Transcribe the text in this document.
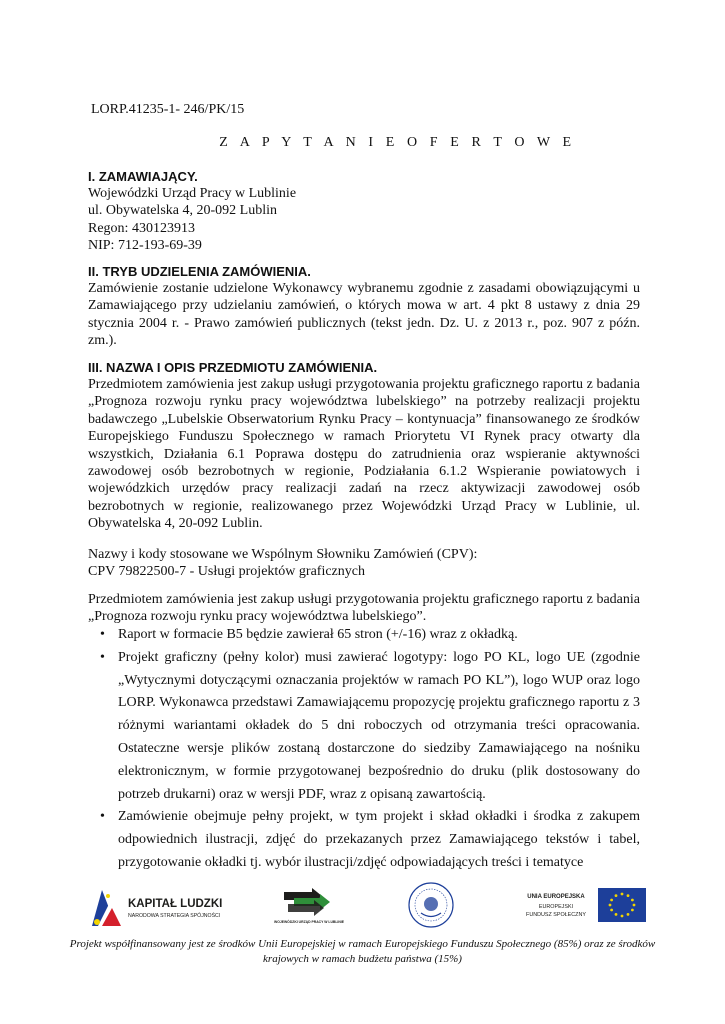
LORP.41235-1- 246/PK/15
Z A P Y T A N I E O F E R T O W E
I. ZAMAWIAJĄCY.
Wojewódzki Urząd Pracy w Lublinie
ul. Obywatelska 4, 20-092 Lublin
Regon: 430123913
NIP: 712-193-69-39
II. TRYB UDZIELENIA ZAMÓWIENIA.
Zamówienie zostanie udzielone Wykonawcy wybranemu zgodnie z zasadami obowiązującymi u Zamawiającego przy udzielaniu zamówień, o których mowa w art. 4 pkt 8 ustawy z dnia 29 stycznia 2004 r. - Prawo zamówień publicznych (tekst jedn. Dz. U. z 2013 r., poz. 907 z późn. zm.).
III. NAZWA I OPIS PRZEDMIOTU ZAMÓWIENIA.
Przedmiotem zamówienia jest zakup usługi przygotowania projektu graficznego raportu z badania „Prognoza rozwoju rynku pracy województwa lubelskiego” na potrzeby realizacji projektu badawczego „Lubelskie Obserwatorium Rynku Pracy – kontynuacja” finansowanego ze środków Europejskiego Funduszu Społecznego w ramach Priorytetu VI Rynek pracy otwarty dla wszystkich, Działania 6.1 Poprawa dostępu do zatrudnienia oraz wspieranie aktywności zawodowej osób bezrobotnych w regionie, Podziałania 6.1.2 Wspieranie powiatowych i wojewódzkich urzędów pracy realizacji zadań na rzecz aktywizacji zawodowej osób bezrobotnych w regionie, realizowanego przez Wojewódzki Urząd Pracy w Lublinie, ul. Obywatelska 4, 20-092 Lublin.
Nazwy i kody stosowane we Wspólnym Słowniku Zamówień (CPV):
CPV 79822500-7 - Usługi projektów graficznych
Przedmiotem zamówienia jest zakup usługi przygotowania projektu graficznego raportu z badania „Prognoza rozwoju rynku pracy województwa lubelskiego”.
• Raport w formacie B5 będzie zawierał 65 stron (+/-16) wraz z okładką.
• Projekt graficzny (pełny kolor) musi zawierać logotypy: logo PO KL, logo UE (zgodnie „Wytycznymi dotyczącymi oznaczania projektów w ramach PO KL”), logo WUP oraz logo LORP. Wykonawca przedstawi Zamawiającemu propozycję projektu graficznego raportu z 3 różnymi wariantami okładek do 5 dni roboczych od otrzymania treści opracowania. Ostateczne wersje plików zostaną dostarczone do siedziby Zamawiającego na nośniku elektronicznym, w formie przygotowanej bezpośrednio do druku (plik dostosowany do potrzeb drukarni) oraz w wersji PDF, wraz z opisaną zawartością.
• Zamówienie obejmuje pełny projekt, w tym projekt i skład okładki i środka z zakupem odpowiednich ilustracji, zdjęć do przekazanych przez Zamawiającego tekstów i tabel, przygotowanie okładki tj. wybór ilustracji/zdjęć odpowiadających treści i tematyce
KAPITAŁ LUDZKI
NARODOWA STRATEGIA SPÓJNOŚCI
WOJEWÓDZKI URZĄD PRACY W LUBLINIE
UNIA EUROPEJSKA
EUROPEJSKI
FUNDUSZ SPOŁECZNY
Projekt współfinansowany jest ze środków Unii Europejskiej w ramach Europejskiego Funduszu Społecznego (85%) oraz ze środków krajowych w ramach budżetu państwa (15%)
